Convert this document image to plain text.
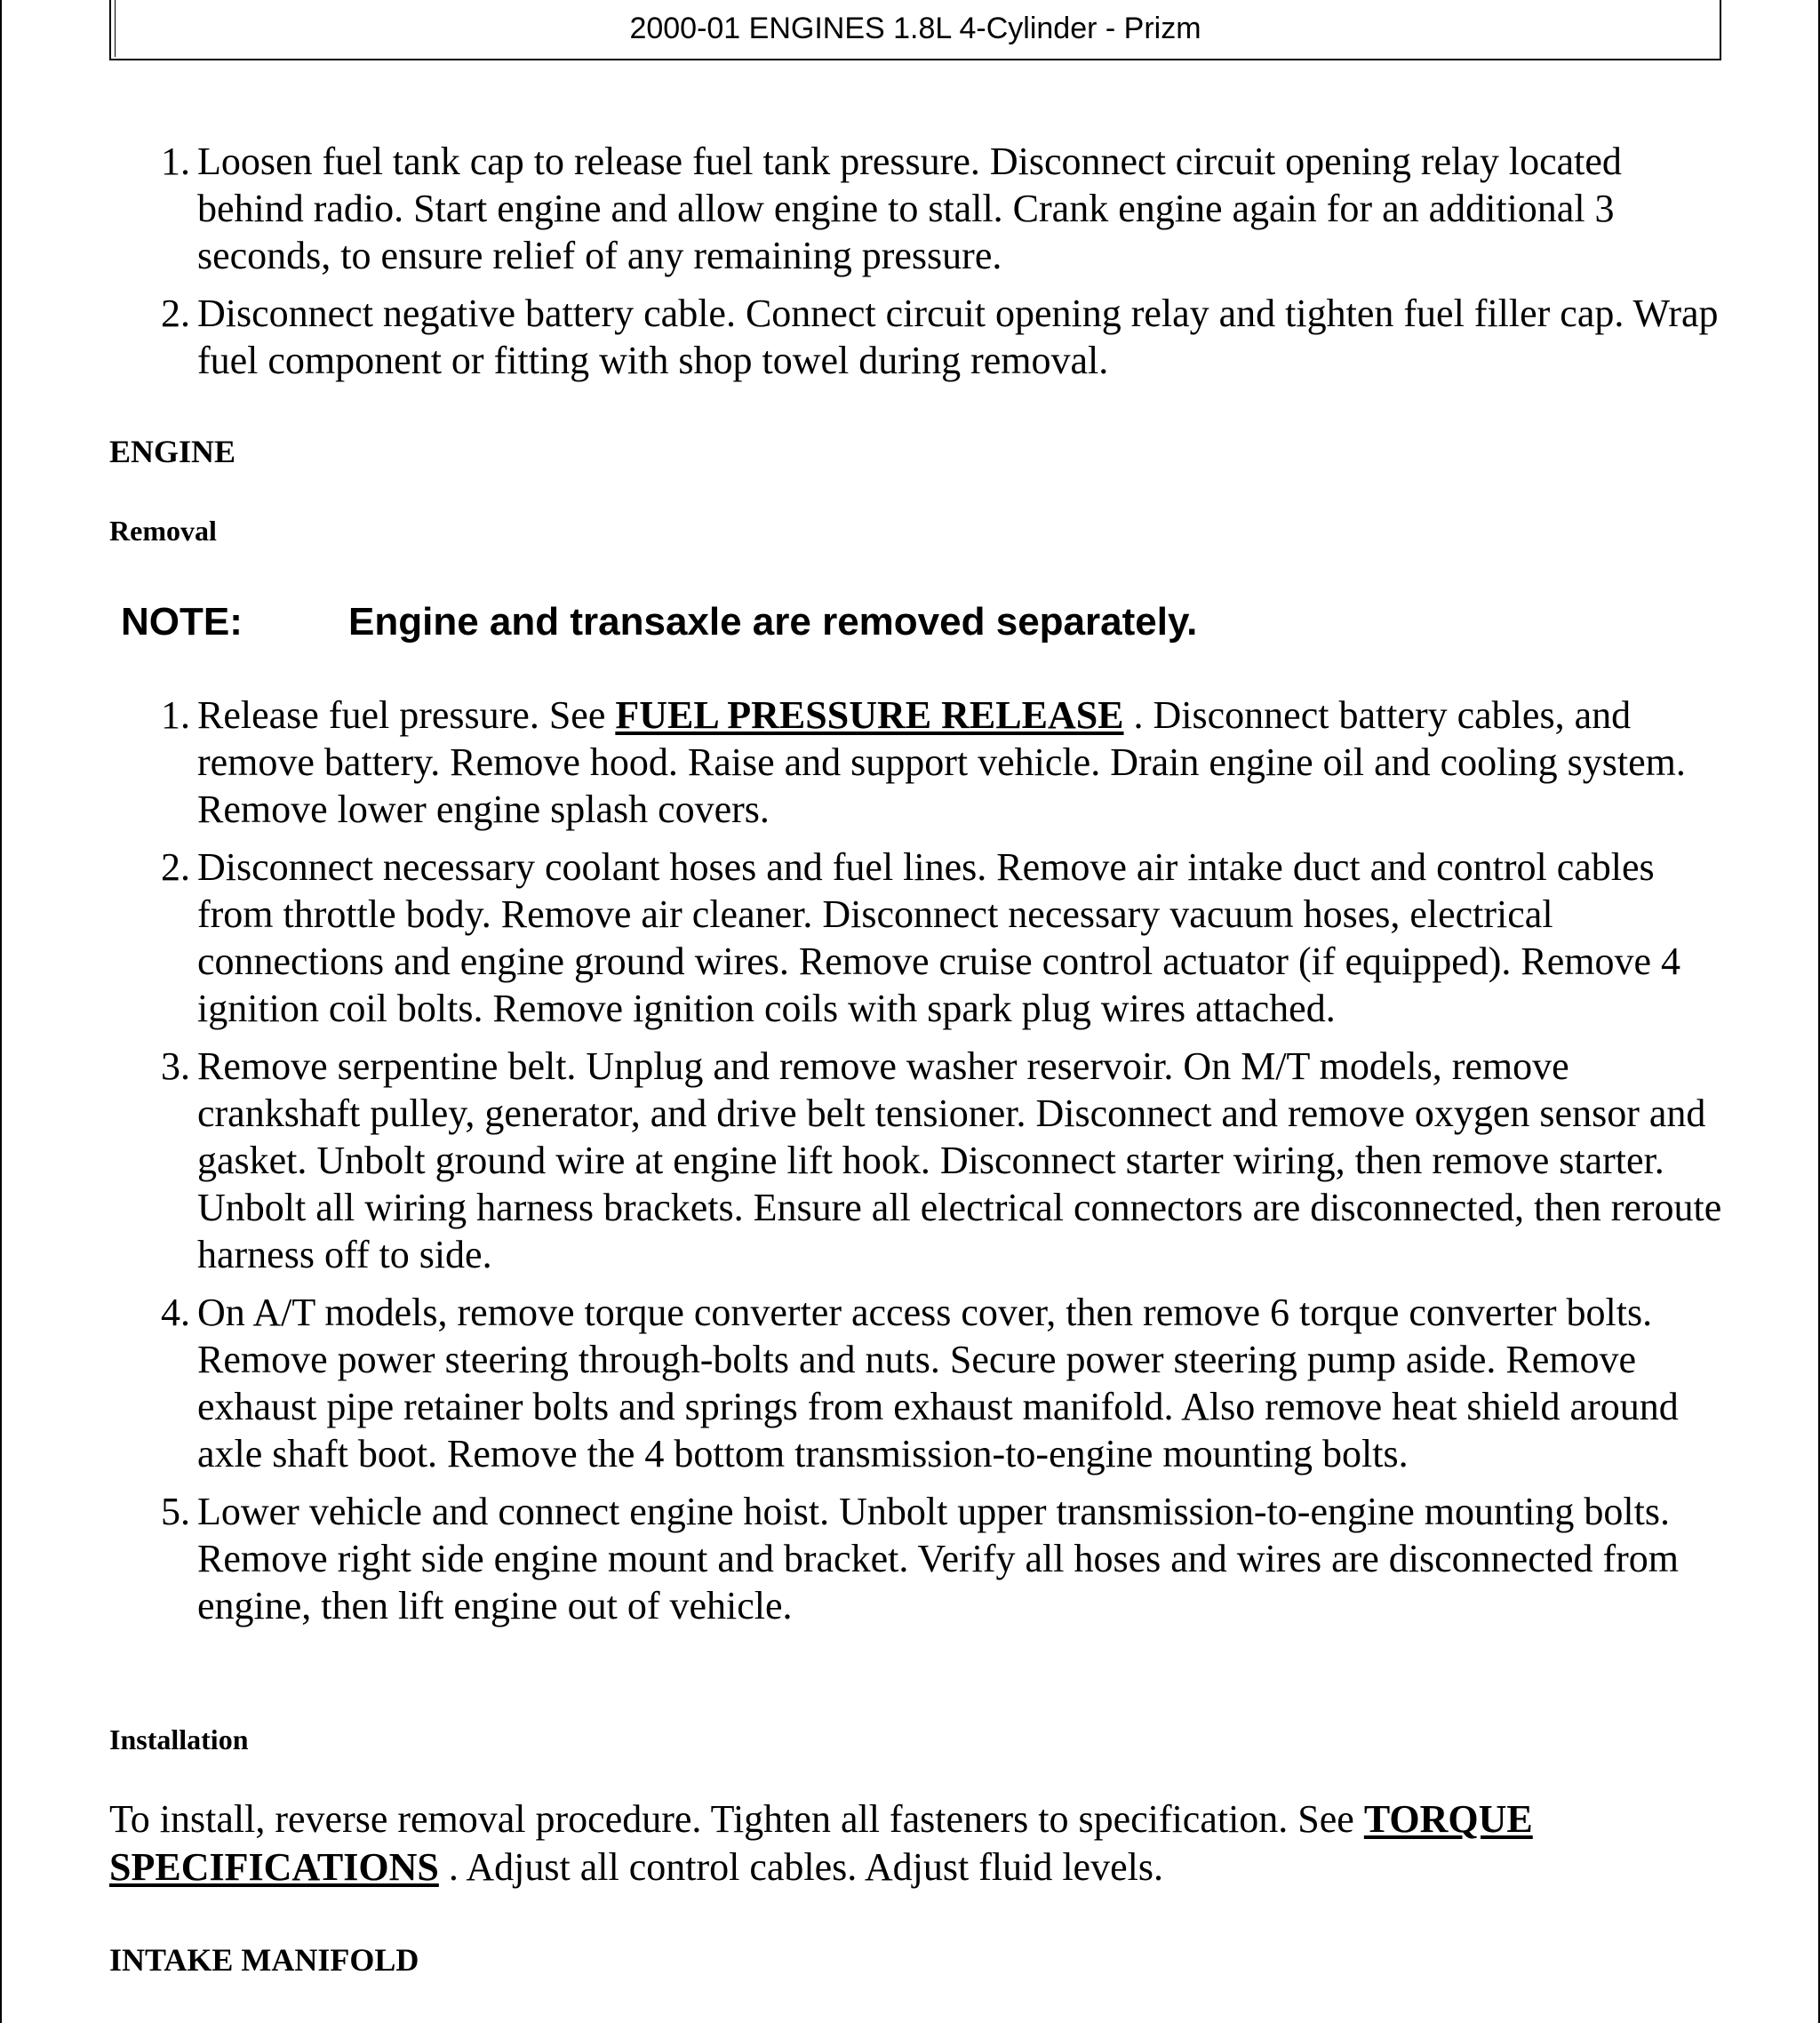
2000-01 ENGINES 1.8L 4-Cylinder - Prizm
1. Loosen fuel tank cap to release fuel tank pressure. Disconnect circuit opening relay located behind radio. Start engine and allow engine to stall. Crank engine again for an additional 3 seconds, to ensure relief of any remaining pressure.
2. Disconnect negative battery cable. Connect circuit opening relay and tighten fuel filler cap. Wrap fuel component or fitting with shop towel during removal.
ENGINE
Removal
NOTE:	Engine and transaxle are removed separately.
1. Release fuel pressure. See FUEL PRESSURE RELEASE . Disconnect battery cables, and remove battery. Remove hood. Raise and support vehicle. Drain engine oil and cooling system. Remove lower engine splash covers.
2. Disconnect necessary coolant hoses and fuel lines. Remove air intake duct and control cables from throttle body. Remove air cleaner. Disconnect necessary vacuum hoses, electrical connections and engine ground wires. Remove cruise control actuator (if equipped). Remove 4 ignition coil bolts. Remove ignition coils with spark plug wires attached.
3. Remove serpentine belt. Unplug and remove washer reservoir. On M/T models, remove crankshaft pulley, generator, and drive belt tensioner. Disconnect and remove oxygen sensor and gasket. Unbolt ground wire at engine lift hook. Disconnect starter wiring, then remove starter. Unbolt all wiring harness brackets. Ensure all electrical connectors are disconnected, then reroute harness off to side.
4. On A/T models, remove torque converter access cover, then remove 6 torque converter bolts. Remove power steering through-bolts and nuts. Secure power steering pump aside. Remove exhaust pipe retainer bolts and springs from exhaust manifold. Also remove heat shield around axle shaft boot. Remove the 4 bottom transmission-to-engine mounting bolts.
5. Lower vehicle and connect engine hoist. Unbolt upper transmission-to-engine mounting bolts. Remove right side engine mount and bracket. Verify all hoses and wires are disconnected from engine, then lift engine out of vehicle.
Installation

To install, reverse removal procedure. Tighten all fasteners to specification. See TORQUE SPECIFICATIONS . Adjust all control cables. Adjust fluid levels.

INTAKE MANIFOLD
